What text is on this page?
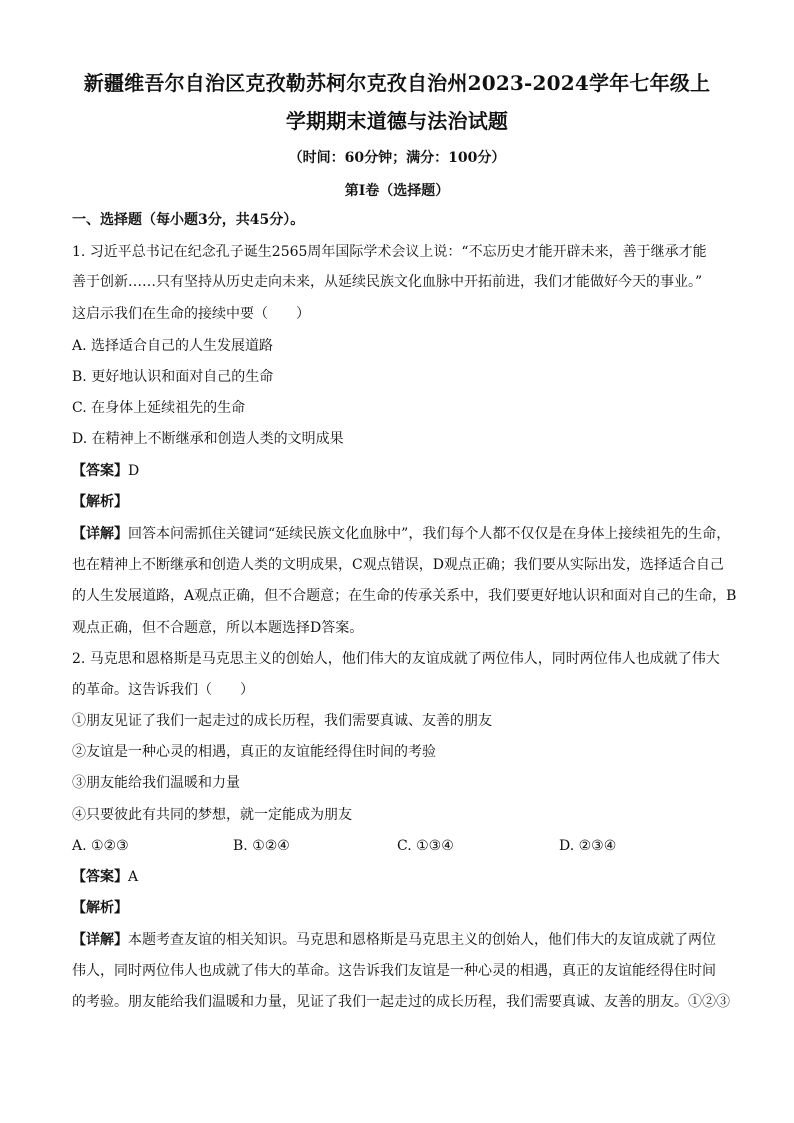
新疆维吾尔自治区克孜勒苏柯尔克孜自治州2023-2024学年七年级上
学期期末道德与法治试题
（时间：60分钟；满分：100分）
第Ⅰ卷（选择题）
一、选择题（每小题3分，共45分）。
1. 习近平总书记在纪念孔子诞生2565周年国际学术会议上说：“不忘历史才能开辟未来，善于继承才能
善于创新……只有坚持从历史走向未来，从延续民族文化血脉中开拓前进，我们才能做好今天的事业。”
这启示我们在生命的接续中要（　　）
A. 选择适合自己的人生发展道路
B. 更好地认识和面对自己的生命
C. 在身体上延续祖先的生命
D. 在精神上不断继承和创造人类的文明成果
【答案】D
【解析】
【详解】回答本问需抓住关键词“延续民族文化血脉中”，我们每个人都不仅仅是在身体上接续祖先的生命，
也在精神上不断继承和创造人类的文明成果，C观点错误，D观点正确；我们要从实际出发，选择适合自己
的人生发展道路，A观点正确，但不合题意；在生命的传承关系中，我们要更好地认识和面对自己的生命，B
观点正确，但不合题意，所以本题选择D答案。
2. 马克思和恩格斯是马克思主义的创始人，他们伟大的友谊成就了两位伟人，同时两位伟人也成就了伟大
的革命。这告诉我们（　　）
①朋友见证了我们一起走过的成长历程，我们需要真诚、友善的朋友
②友谊是一种心灵的相遇，真正的友谊能经得住时间的考验
③朋友能给我们温暖和力量
④只要彼此有共同的梦想，就一定能成为朋友
A. ①②③	B. ①②④	C. ①③④	D. ②③④
【答案】A
【解析】
【详解】本题考查友谊的相关知识。马克思和恩格斯是马克思主义的创始人，他们伟大的友谊成就了两位
伟人，同时两位伟人也成就了伟大的革命。这告诉我们友谊是一种心灵的相遇，真正的友谊能经得住时间
的考验。朋友能给我们温暖和力量，见证了我们一起走过的成长历程，我们需要真诚、友善的朋友。①②③
